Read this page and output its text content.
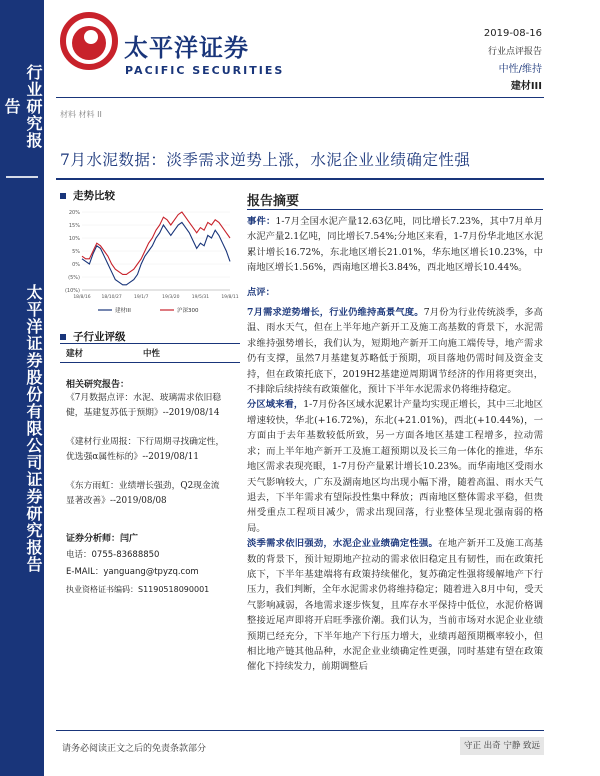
行业研究报告
太平洋证券股份有限公司证券研究报告
太平洋证券
PACIFIC SECURITIES
2019-08-16
行业点评报告
中性/维持
建材III
材料 材料 II
7月水泥数据：淡季需求逆势上涨，水泥企业业绩确定性强
走势比较
20%
15%
10%
5%
0%
(5%)
(10%)
18/8/16 18/10/27	19/1/7	19/3/20	19/5/31	19/8/11
建材III	沪深300
子行业评级
建材	中性
相关研究报告：
《7月数据点评：水泥、玻璃需求依旧稳健，基建复苏低于预期》--2019/08/14
《建材行业周报：下行周期寻找确定性，优选强α属性标的》--2019/08/11
《东方雨虹：业绩增长强劲，Q2现金流显著改善》--2019/08/08
证券分析师：闫广
电话：0755-83688850
E-MAIL：yanguang@tpyzq.com
执业资格证书编码：S1190518090001
报告摘要

事件：1-7月全国水泥产量12.63亿吨，同比增长7.23%，其中7月单月水泥产量2.1亿吨，同比增长7.54%;分地区来看，1-7月份华北地区水泥累计增长16.72%，东北地区增长21.01%，华东地区增长10.23%，中南地区增长1.56%，西南地区增长3.84%，西北地区增长10.44%。

点评：

7月需求逆势增长，行业仍维持高景气度。7月份为行业传统淡季，多高温、雨水天气，但在上半年地产新开工及施工高基数的背景下，水泥需求维持强势增长，我们认为，短期地产新开工向施工端传导，地产需求仍有支撑，虽然7月基建复苏略低于预期，项目落地仍需时间及资金支持，但在政策托底下，2019H2基建逆周期调节经济的作用将更突出，不排除后续持续有政策催化，预计下半年水泥需求仍将维持稳定。

分区域来看，1-7月份各区域水泥累计产量均实现正增长，其中三北地区增速较快，华北(+16.72%)，东北(+21.01%)，西北(+10.44%)，一方面由于去年基数较低所致，另一方面各地区基建工程增多，拉动需求；而上半年地产新开工及施工超预期以及长三角一体化的推进，华东地区需求表现亮眼，1-7月份产量累计增长10.23%。而华南地区受雨水天气影响较大，广东及湖南地区均出现小幅下滑，随着高温、雨水天气退去，下半年需求有望际投性集中释放；西南地区整体需求平稳，但贵州受重点工程项目减少，需求出现回落，行业整体呈现北强南弱的格局。

淡季需求依旧强劲，水泥企业业绩确定性强。在地产新开工及施工高基数的背景下，预计短期地产拉动的需求依旧稳定且有韧性，而在政策托底下，下半年基建端将有政策持续催化，复苏确定性强将缓解地产下行压力，我们判断，全年水泥需求仍将维持稳定；随着进入8月中旬，受天气影响减弱，各地需求逐步恢复，且库存水平保持中低位，水泥价格调整接近尾声即将开启旺季涨价潮。我们认为，当前市场对水泥企业业绩预期已经充分，下半年地产下行压力增大，业绩再超预期概率较小，但相比地产链其他品种，水泥企业业绩确定性更强，同时基建有望在政策催化下持续发力，前期调整后

请务必阅读正文之后的免责条款部分	守正 出奇 宁静 致远
